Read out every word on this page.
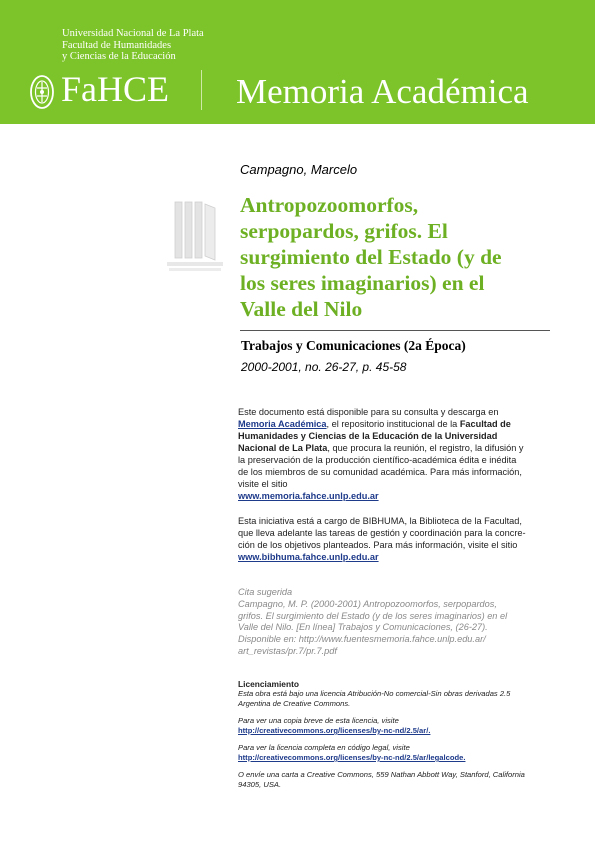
Universidad Nacional de La Plata
Facultad de Humanidades
y Ciencias de la Educación
FaHCE Memoria Académica
Campagno, Marcelo
Antropozoomorfos,
serpopardos, grifos. El
surgimiento del Estado (y de
los seres imaginarios) en el
Valle del Nilo
Trabajos y Comunicaciones (2a Época)
2000-2001, no. 26-27, p. 45-58
Este documento está disponible para su consulta y descarga en
Memoria Académica, el repositorio institucional de la Facultad de
Humanidades y Ciencias de la Educación de la Universidad
Nacional de La Plata, que procura la reunión, el registro, la difusión y
la preservación de la producción científico-académica édita e inédita
de los miembros de su comunidad académica. Para más información,
visite el sitio
www.memoria.fahce.unlp.edu.ar
Esta iniciativa está a cargo de BIBHUMA, la Biblioteca de la Facultad,
que lleva adelante las tareas de gestión y coordinación para la concre-
ción de los objetivos planteados. Para más información, visite el sitio
www.bibhuma.fahce.unlp.edu.ar
Cita sugerida
Campagno, M. P. (2000-2001) Antropozoomorfos, serpopardos,
grifos. El surgimiento del Estado (y de los seres imaginarios) en el
Valle del Nilo. [En línea] Trabajos y Comunicaciones, (26-27).
Disponible en: http://www.fuentesmemoria.fahce.unlp.edu.ar/
art_revistas/pr.7/pr.7.pdf
Licenciamiento
Esta obra está bajo una licencia Atribución-No comercial-Sin obras derivadas 2.5
Argentina de Creative Commons.
Para ver una copia breve de esta licencia, visite
http://creativecommons.org/licenses/by-nc-nd/2.5/ar/.
Para ver la licencia completa en código legal, visite
http://creativecommons.org/licenses/by-nc-nd/2.5/ar/legalcode.
O envíe una carta a Creative Commons, 559 Nathan Abbott Way, Stanford, California
94305, USA.
